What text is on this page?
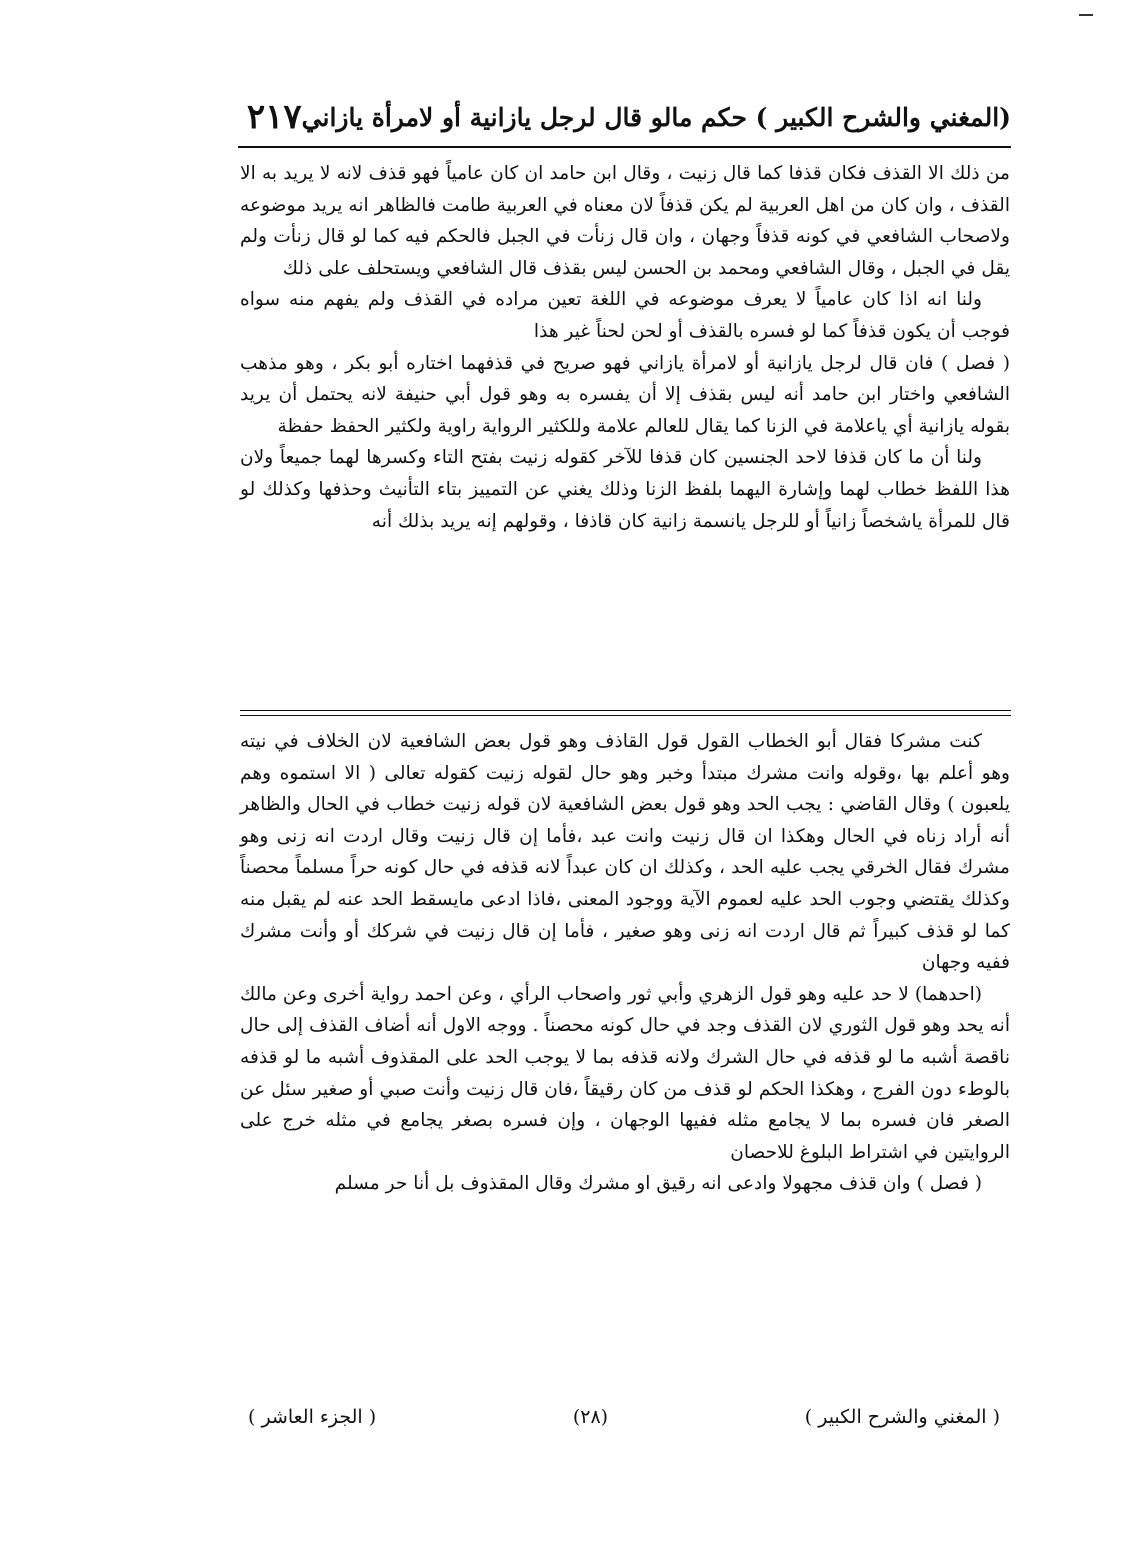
(المغني والشرح الكبير ) حكم مالو قال لرجل يازانية أو لامرأة يازاني
٢١٧

من ذلك الا القذف فكان قذفا كما قال زنيت ، وقال ابن حامد ان كان عامياً فهو قذف لانه لا يريد به الا القذف ، وان كان من اهل العربية لم يكن قذفاً لان معناه في العربية طامت فالظاهر انه يريد موضوعه ولاصحاب الشافعي في كونه قذفاً وجهان ، وان قال زنأت في الجبل فالحكم فيه كما لو قال زنأت ولم يقل في الجبل ، وقال الشافعي ومحمد بن الحسن ليس بقذف قال الشافعي ويستحلف على ذلك

ولنا انه اذا كان عامياً لا يعرف موضوعه في اللغة تعين مراده في القذف ولم يفهم منه سواه فوجب أن يكون قذفاً كما لو فسره بالقذف أو لحن لحناً غير هذا

( فصل ) فان قال لرجل يازانية أو لامرأة يازاني فهو صريح في قذفهما اختاره أبو بكر ، وهو مذهب الشافعي واختار ابن حامد أنه ليس بقذف إلا أن يفسره به وهو قول أبي حنيفة لانه يحتمل أن يريد بقوله يازانية أي ياعلامة في الزنا كما يقال للعالم علامة وللكثير الرواية راوية ولكثير الحفظ حفظة

ولنا أن ما كان قذفا لاحد الجنسين كان قذفا للآخر كقوله زنيت بفتح التاء وكسرها لهما جميعاً ولان هذا اللفظ خطاب لهما وإشارة اليهما بلفظ الزنا وذلك يغني عن التمييز بتاء التأنيث وحذفها وكذلك لو قال للمرأة ياشخصاً زانياً أو للرجل يانسمة زانية كان قاذفا ، وقولهم إنه يريد بذلك أنه

كنت مشركا فقال أبو الخطاب القول قول القاذف وهو قول بعض الشافعية لان الخلاف في نيته وهو أعلم بها ،وقوله وانت مشرك مبتدأ وخبر وهو حال لقوله زنيت كقوله تعالى ( الا استموه وهم يلعبون ) وقال القاضي : يجب الحد وهو قول بعض الشافعية لان قوله زنيت خطاب في الحال والظاهر أنه أراد زناه في الحال وهكذا ان قال زنيت وانت عبد ،فأما إن قال زنيت وقال اردت انه زنى وهو مشرك فقال الخرقي يجب عليه الحد ، وكذلك ان كان عبداً لانه قذفه في حال كونه حراً مسلماً محصناً وكذلك يقتضي وجوب الحد عليه لعموم الآية ووجود المعنى ،فاذا ادعى مايسقط الحد عنه لم يقبل منه كما لو قذف كبيراً ثم قال اردت انه زنى وهو صغير ، فأما إن قال زنيت في شركك أو وأنت مشرك ففيه وجهان

(احدهما) لا حد عليه وهو قول الزهري وأبي ثور واصحاب الرأي ، وعن احمد رواية أخرى وعن مالك أنه يحد وهو قول الثوري لان القذف وجد في حال كونه محصناً . ووجه الاول أنه أضاف القذف إلى حال ناقصة أشبه ما لو قذفه في حال الشرك ولانه قذفه بما لا يوجب الحد على المقذوف أشبه ما لو قذفه بالوطء دون الفرج ، وهكذا الحكم لو قذف من كان رقيقاً ،فان قال زنيت وأنت صبي أو صغير سئل عن الصغر فان فسره بما لا يجامع مثله ففيها الوجهان ، وإن فسره بصغر يجامع في مثله خرج على الروايتين في اشتراط البلوغ للاحصان

( فصل ) وان قذف مجهولا وادعى انه رقيق او مشرك وقال المقذوف بل أنا حر مسلم

( المغني والشرح الكبير )
(٢٨)
( الجزء العاشر )
